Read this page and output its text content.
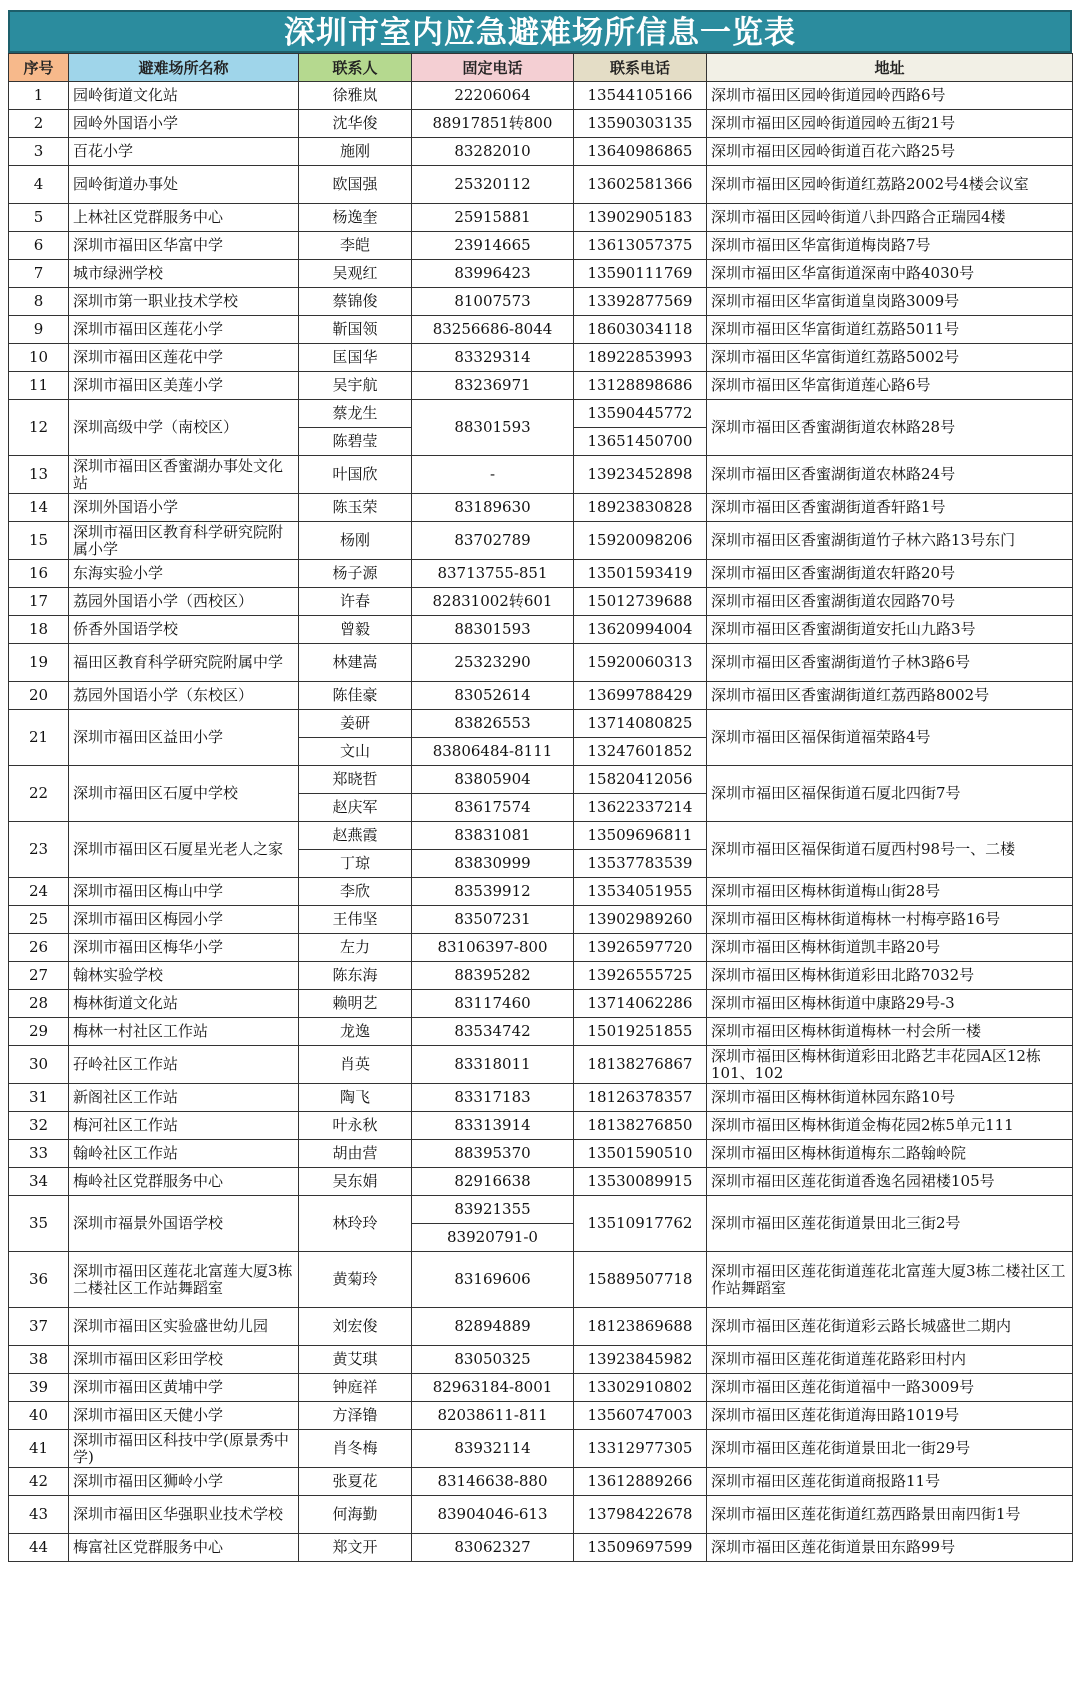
深圳市室内应急避难场所信息一览表
序号	避难场所名称	联系人	固定电话	联系电话	地址
1	园岭街道文化站	徐雅岚	22206064	13544105166	深圳市福田区园岭街道园岭西路6号
2	园岭外国语小学	沈华俊	88917851转800	13590303135	深圳市福田区园岭街道园岭五街21号
3	百花小学	施刚	83282010	13640986865	深圳市福田区园岭街道百花六路25号
4	园岭街道办事处	欧国强	25320112	13602581366	深圳市福田区园岭街道红荔路2002号4楼会议室
5	上林社区党群服务中心	杨逸奎	25915881	13902905183	深圳市福田区园岭街道八卦四路合正瑞园4楼
6	深圳市福田区华富中学	李皑	23914665	13613057375	深圳市福田区华富街道梅岗路7号
7	城市绿洲学校	吴观红	83996423	13590111769	深圳市福田区华富街道深南中路4030号
8	深圳市第一职业技术学校	蔡锦俊	81007573	13392877569	深圳市福田区华富街道皇岗路3009号
9	深圳市福田区莲花小学	靳国领	83256686-8044	18603034118	深圳市福田区华富街道红荔路5011号
10	深圳市福田区莲花中学	匡国华	83329314	18922853993	深圳市福田区华富街道红荔路5002号
11	深圳市福田区美莲小学	吴宇航	83236971	13128898686	深圳市福田区华富街道莲心路6号
12	深圳高级中学（南校区）	蔡龙生	88301593	13590445772	深圳市福田区香蜜湖街道农林路28号
		陈碧莹		13651450700	
13	深圳市福田区香蜜湖办事处文化站	叶国欣	-	13923452898	深圳市福田区香蜜湖街道农林路24号
14	深圳外国语小学	陈玉荣	83189630	18923830828	深圳市福田区香蜜湖街道香轩路1号
15	深圳市福田区教育科学研究院附属小学	杨刚	83702789	15920098206	深圳市福田区香蜜湖街道竹子林六路13号东门
16	东海实验小学	杨子源	83713755-851	13501593419	深圳市福田区香蜜湖街道农轩路20号
17	荔园外国语小学（西校区）	许春	82831002转601	15012739688	深圳市福田区香蜜湖街道农园路70号
18	侨香外国语学校	曾毅	88301593	13620994004	深圳市福田区香蜜湖街道安托山九路3号
19	福田区教育科学研究院附属中学	林建嵩	25323290	15920060313	深圳市福田区香蜜湖街道竹子林3路6号
20	荔园外国语小学（东校区）	陈佳豪	83052614	13699788429	深圳市福田区香蜜湖街道红荔西路8002号
21	深圳市福田区益田小学	姜研	83826553	13714080825	深圳市福田区福保街道福荣路4号
		文山	83806484-8111	13247601852	
22	深圳市福田区石厦中学校	郑晓哲	83805904	15820412056	深圳市福田区福保街道石厦北四街7号
		赵庆军	83617574	13622337214	
23	深圳市福田区石厦星光老人之家	赵燕霞	83831081	13509696811	深圳市福田区福保街道石厦西村98号一、二楼
		丁琼	83830999	13537783539	
24	深圳市福田区梅山中学	李欣	83539912	13534051955	深圳市福田区梅林街道梅山街28号
25	深圳市福田区梅园小学	王伟坚	83507231	13902989260	深圳市福田区梅林街道梅林一村梅亭路16号
26	深圳市福田区梅华小学	左力	83106397-800	13926597720	深圳市福田区梅林街道凯丰路20号
27	翰林实验学校	陈东海	88395282	13926555725	深圳市福田区梅林街道彩田北路7032号
28	梅林街道文化站	赖明艺	83117460	13714062286	深圳市福田区梅林街道中康路29号-3
29	梅林一村社区工作站	龙逸	83534742	15019251855	深圳市福田区梅林街道梅林一村会所一楼
30	孖岭社区工作站	肖英	83318011	18138276867	深圳市福田区梅林街道彩田北路艺丰花园A区12栋101、102
31	新阁社区工作站	陶飞	83317183	18126378357	深圳市福田区梅林街道林园东路10号
32	梅河社区工作站	叶永秋	83313914	18138276850	深圳市福田区梅林街道金梅花园2栋5单元111
33	翰岭社区工作站	胡由营	88395370	13501590510	深圳市福田区梅林街道梅东二路翰岭院
34	梅岭社区党群服务中心	吴东娟	82916638	13530089915	深圳市福田区莲花街道香逸名园裙楼105号
35	深圳市福景外国语学校	林玲玲	83921355	13510917762	深圳市福田区莲花街道景田北三街2号
			83920791-0		
36	深圳市福田区莲花北富莲大厦3栋二楼社区工作站舞蹈室	黄菊玲	83169606	15889507718	深圳市福田区莲花街道莲花北富莲大厦3栋二楼社区工作站舞蹈室
37	深圳市福田区实验盛世幼儿园	刘宏俊	82894889	18123869688	深圳市福田区莲花街道彩云路长城盛世二期内
38	深圳市福田区彩田学校	黄艾琪	83050325	13923845982	深圳市福田区莲花街道莲花路彩田村内
39	深圳市福田区黄埔中学	钟庭祥	82963184-8001	13302910802	深圳市福田区莲花街道福中一路3009号
40	深圳市福田区天健小学	方泽镥	82038611-811	13560747003	深圳市福田区莲花街道海田路1019号
41	深圳市福田区科技中学(原景秀中学)	肖冬梅	83932114	13312977305	深圳市福田区莲花街道景田北一街29号
42	深圳市福田区狮岭小学	张夏花	83146638-880	13612889266	深圳市福田区莲花街道商报路11号
43	深圳市福田区华强职业技术学校	何海勤	83904046-613	13798422678	深圳市福田区莲花街道红荔西路景田南四街1号
44	梅富社区党群服务中心	郑文开	83062327	13509697599	深圳市福田区莲花街道景田东路99号
